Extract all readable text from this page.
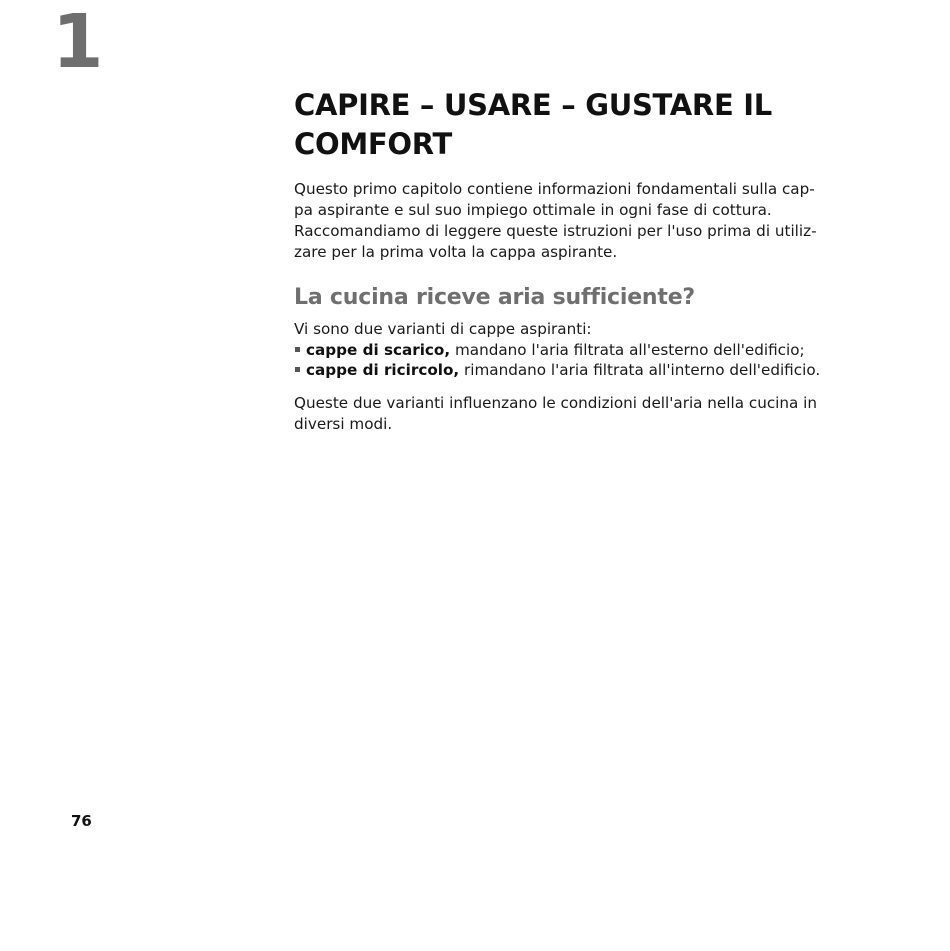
1
CAPIRE – USARE – GUSTARE IL COMFORT

Questo primo capitolo contiene informazioni fondamentali sulla cap-
pa aspirante e sul suo impiego ottimale in ogni fase di cottura.
Raccomandiamo di leggere queste istruzioni per l'uso prima di utiliz-
zare per la prima volta la cappa aspirante.

La cucina riceve aria sufficiente?

Vi sono due varianti di cappe aspiranti:

cappe di scarico, mandano l'aria filtrata all'esterno dell'edificio;
cappe di ricircolo, rimandano l'aria filtrata all'interno dell'edificio.

Queste due varianti influenzano le condizioni dell'aria nella cucina in
diversi modi.

76
